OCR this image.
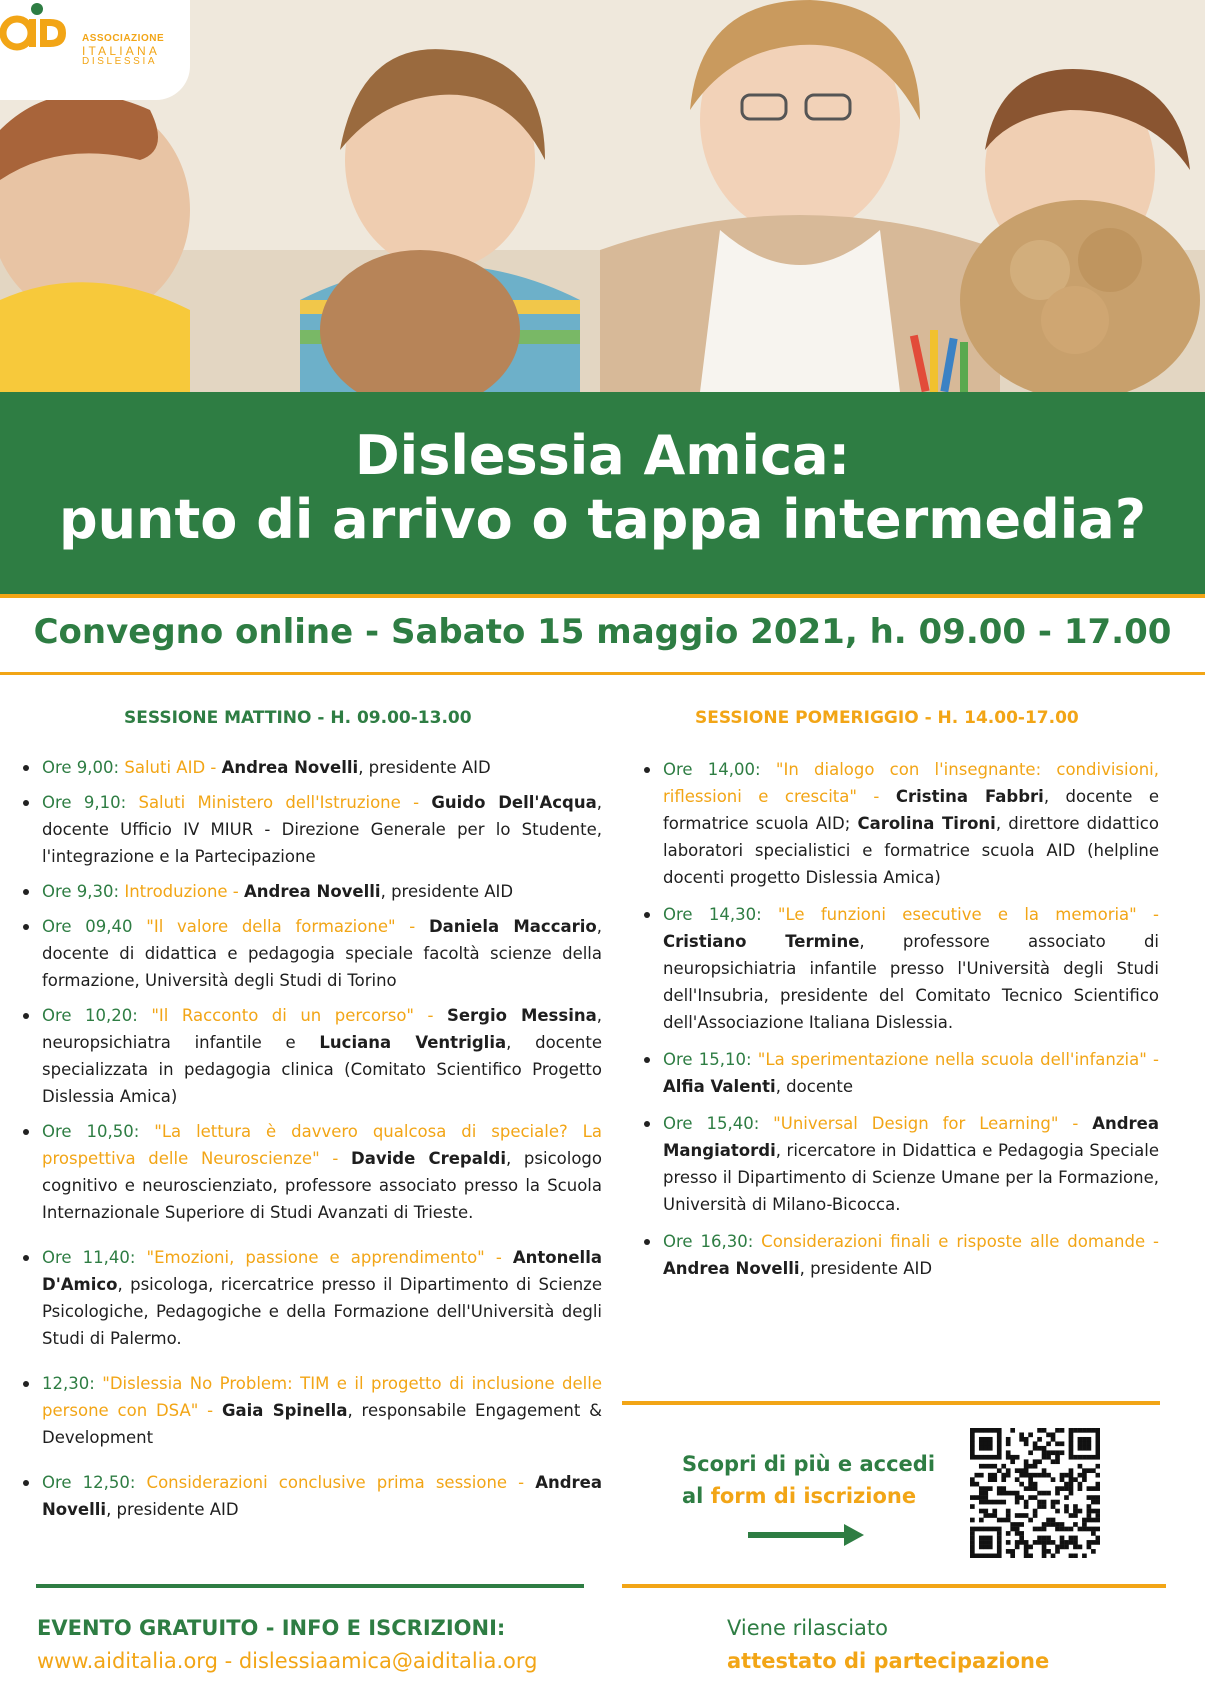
ASSOCIAZIONE
ITALIANA
DISLESSIA
Dislessia Amica:
punto di arrivo o tappa intermedia?
Convegno online - Sabato 15 maggio 2021, h. 09.00 - 17.00
SESSIONE MATTINO - H. 09.00-13.00
Ore 9,00: Saluti AID - Andrea Novelli, presidente AID
Ore 9,10: Saluti Ministero dell'Istruzione - Guido Dell'Acqua, docente Ufficio IV MIUR - Direzione Generale per lo Studente, l'integrazione e la Partecipazione
Ore 9,30: Introduzione - Andrea Novelli, presidente AID
Ore 09,40 "Il valore della formazione" - Daniela Maccario, docente di didattica e pedagogia speciale facoltà scienze della formazione, Università degli Studi di Torino
Ore 10,20: "Il Racconto di un percorso" - Sergio Messina, neuropsichiatra infantile e Luciana Ventriglia, docente specializzata in pedagogia clinica (Comitato Scientifico Progetto Dislessia Amica)
Ore 10,50: "La lettura è davvero qualcosa di speciale? La prospettiva delle Neuroscienze" - Davide Crepaldi, psicologo cognitivo e neuroscienziato, professore associato presso la Scuola Internazionale Superiore di Studi Avanzati di Trieste.
Ore 11,40: "Emozioni, passione e apprendimento" - Antonella D'Amico, psicologa, ricercatrice presso il Dipartimento di Scienze Psicologiche, Pedagogiche e della Formazione dell'Università degli Studi di Palermo.
12,30: "Dislessia No Problem: TIM e il progetto di inclusione delle persone con DSA" - Gaia Spinella, responsabile Engagement & Development
Ore 12,50: Considerazioni conclusive prima sessione - Andrea Novelli, presidente AID
SESSIONE POMERIGGIO - H. 14.00-17.00
Ore 14,00: "In dialogo con l'insegnante: condivisioni, riflessioni e crescita" - Cristina Fabbri, docente e formatrice scuola AID; Carolina Tironi, direttore didattico laboratori specialistici e formatrice scuola AID (helpline docenti progetto Dislessia Amica)
Ore 14,30: "Le funzioni esecutive e la memoria" - Cristiano Termine, professore associato di neuropsichiatria infantile presso l'Università degli Studi dell'Insubria, presidente del Comitato Tecnico Scientifico dell'Associazione Italiana Dislessia.
Ore 15,10: "La sperimentazione nella scuola dell'infanzia" - Alfia Valenti, docente
Ore 15,40: "Universal Design for Learning" - Andrea Mangiatordi, ricercatore in Didattica e Pedagogia Speciale presso il Dipartimento di Scienze Umane per la Formazione, Università di Milano-Bicocca.
Ore 16,30: Considerazioni finali e risposte alle domande - Andrea Novelli, presidente AID
Scopri di più e accedi
al form di iscrizione
EVENTO GRATUITO - INFO E ISCRIZIONI:
www.aiditalia.org - dislessiaamica@aiditalia.org
Viene rilasciato
attestato di partecipazione
